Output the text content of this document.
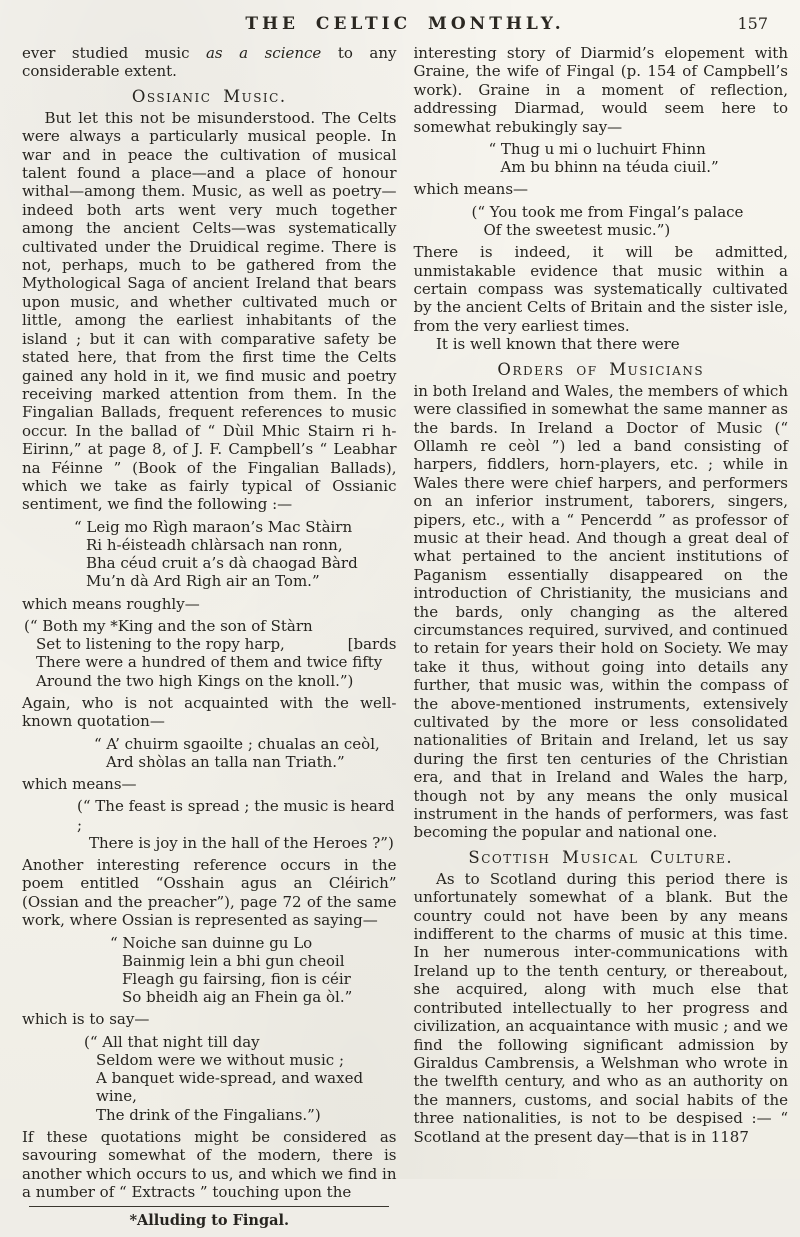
THE CELTIC MONTHLY.	157

ever studied music as a science to any considerable extent.

Ossianic Music.

But let this not be misunderstood. The Celts were always a particularly musical people. In war and in peace the cultivation of musical talent found a place—and a place of honour withal—among them. Music, as well as poetry—indeed both arts went very much together among the ancient Celts—was systematically cultivated under the Druidical regime. There is not, perhaps, much to be gathered from the Mythological Saga of ancient Ireland that bears upon music, and whether cultivated much or little, among the earliest inhabitants of the island ; but it can with comparative safety be stated here, that from the first time the Celts gained any hold in it, we find music and poetry receiving marked attention from them. In the Fingalian Ballads, frequent references to music occur. In the ballad of “ Dùil Mhic Stairn ri h-Eirinn,” at page 8, of J. F. Campbell’s “ Leabhar na Féinne ” (Book of the Fingalian Ballads), which we take as fairly typical of Ossianic sentiment, we find the following :—

“ Leig mo Rìgh maraon’s Mac Stàirn
Ri h-éisteadh chlàrsach nan ronn,
Bha céud cruit a’s dà chaogad Bàrd
Mu’n dà Ard Righ air an Tom.”

which means roughly—

(“ Both my *King and the son of Stàrn
Set to listening to the ropy harp,	[bards
There were a hundred of them and twice fifty
Around the two high Kings on the knoll.”)

Again, who is not acquainted with the well-known quotation—

“ A’ chuirm sgaoilte ; chualas an ceòl,
Ard shòlas an talla nan Triath.”

which means—

(“ The feast is spread ; the music is heard ;
There is joy in the hall of the Heroes ?”)

Another interesting reference occurs in the poem entitled “Osshain agus an Cléirich” (Ossian and the preacher”), page 72 of the same work, where Ossian is represented as saying—

“ Noiche san duinne gu Lo
Bainmig lein a bhi gun cheoil
Fleagh gu fairsing, fion is céir
So bheidh aig an Fhein ga òl.”

which is to say—

(“ All that night till day
Seldom were we without music ;
A banquet wide-spread, and waxed wine,
The drink of the Fingalians.”)

If these quotations might be considered as savouring somewhat of the modern, there is another which occurs to us, and which we find in a number of “ Extracts ” touching upon the

*Alluding to Fingal.

interesting story of Diarmid’s elopement with Graine, the wife of Fingal (p. 154 of Campbell’s work). Graine in a moment of reflection, addressing Diarmad, would seem here to somewhat rebukingly say—

“ Thug u mi o luchuirt Fhinn
Am bu bhinn na téuda ciuil.”

which means—

(“ You took me from Fingal’s palace
Of the sweetest music.”)

There is indeed, it will be admitted, unmistakable evidence that music within a certain compass was systematically cultivated by the ancient Celts of Britain and the sister isle, from the very earliest times.

It is well known that there were

Orders of Musicians

in both Ireland and Wales, the members of which were classified in somewhat the same manner as the bards. In Ireland a Doctor of Music (“ Ollamh re ceòl ”) led a band consisting of harpers, fiddlers, horn-players, etc. ; while in Wales there were chief harpers, and performers on an inferior instrument, taborers, singers, pipers, etc., with a “ Pencerdd ” as professor of music at their head. And though a great deal of what pertained to the ancient institutions of Paganism essentially disappeared on the introduction of Christianity, the musicians and the bards, only changing as the altered circumstances required, survived, and continued to retain for years their hold on Society. We may take it thus, without going into details any further, that music was, within the compass of the above-mentioned instruments, extensively cultivated by the more or less consolidated nationalities of Britain and Ireland, let us say during the first ten centuries of the Christian era, and that in Ireland and Wales the harp, though not by any means the only musical instrument in the hands of performers, was fast becoming the popular and national one.

Scottish Musical Culture.

As to Scotland during this period there is unfortunately somewhat of a blank. But the country could not have been by any means indifferent to the charms of music at this time. In her numerous inter-communications with Ireland up to the tenth century, or thereabout, she acquired, along with much else that contributed intellectually to her progress and civilization, an acquaintance with music ; and we find the following significant admission by Giraldus Cambrensis, a Welshman who wrote in the twelfth century, and who as an authority on the manners, customs, and social habits of the three nationalities, is not to be despised :— “ Scotland at the present day—that is in 1187
